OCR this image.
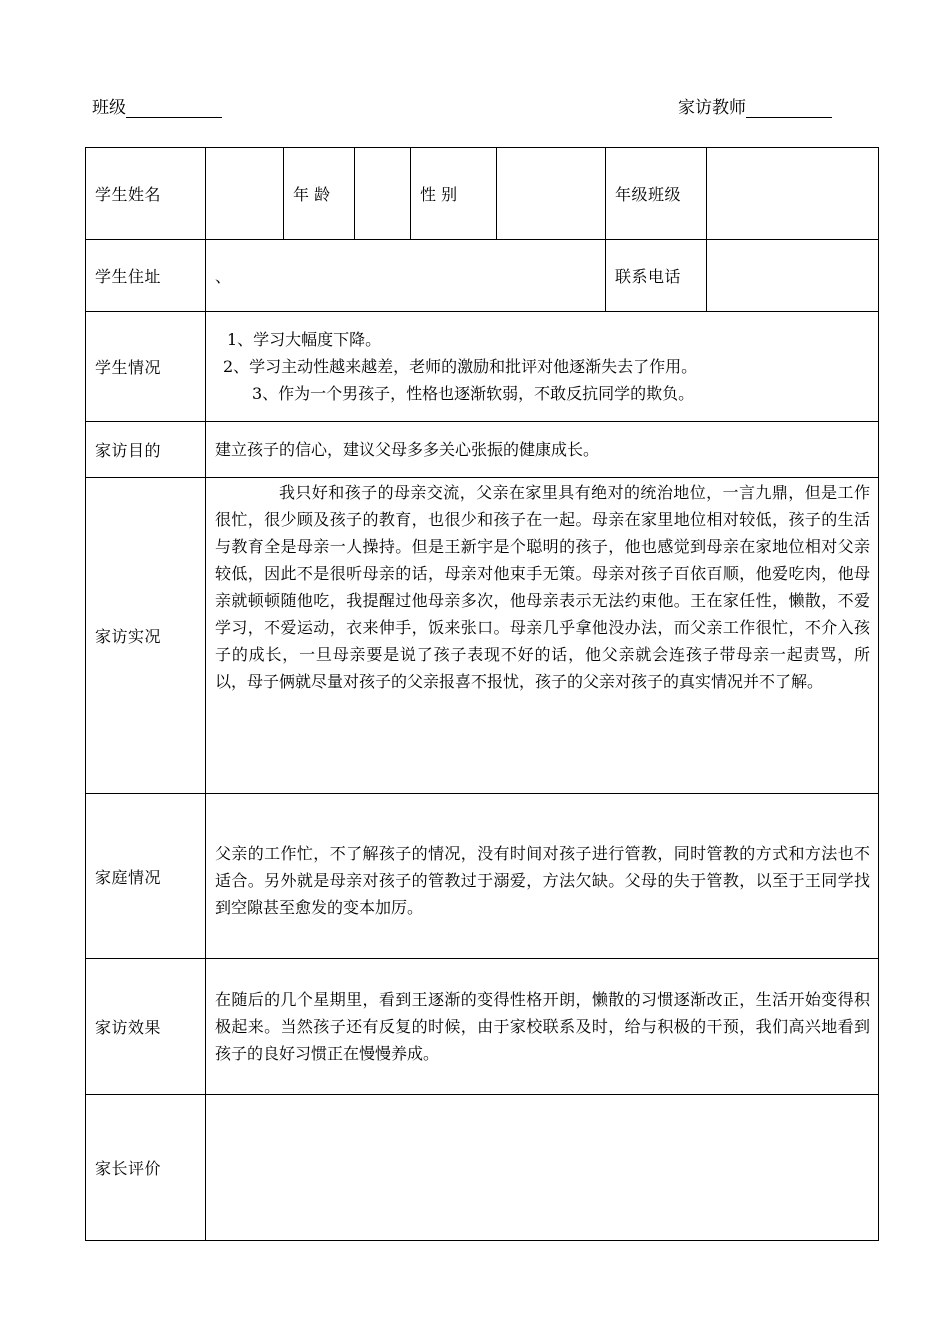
班级	家访教师
学生姓名		年 龄		性 别		年级班级	
学生住址	、					联系电话	
学生情况	1、学习大幅度下降。
2、学习主动性越来越差，老师的激励和批评对他逐渐失去了作用。
3、作为一个男孩子，性格也逐渐软弱，不敢反抗同学的欺负。						

家访目的	建立孩子的信心，建议父母多多关心张振的健康成长。						
家访实况	我只好和孩子的母亲交流，父亲在家里具有绝对的统治地位，一言九鼎，但是工作很忙，很少顾及孩子的教育，也很少和孩子在一起。母亲在家里地位相对较低，孩子的生活与教育全是母亲一人操持。但是王新宇是个聪明的孩子，他也感觉到母亲在家地位相对父亲较低，因此不是很听母亲的话，母亲对他束手无策。母亲对孩子百依百顺，他爱吃肉，他母亲就顿顿随他吃，我提醒过他母亲多次，他母亲表示无法约束他。王在家任性，懒散，不爱学习，不爱运动，衣来伸手，饭来张口。母亲几乎拿他没办法，而父亲工作很忙，不介入孩子的成长，一旦母亲要是说了孩子表现不好的话，他父亲就会连孩子带母亲一起责骂，所以，母子俩就尽量对孩子的父亲报喜不报忧，孩子的父亲对孩子的真实情况并不了解。						

家庭情况	父亲的工作忙，不了解孩子的情况，没有时间对孩子进行管教，同时管教的方式和方法也不适合。另外就是母亲对孩子的管教过于溺爱，方法欠缺。父母的失于管教，以至于王同学找到空隙甚至愈发的变本加厉。						
家访效果	在随后的几个星期里，看到王逐渐的变得性格开朗，懒散的习惯逐渐改正，生活开始变得积极起来。当然孩子还有反复的时候，由于家校联系及时，给与积极的干预，我们高兴地看到孩子的良好习惯正在慢慢养成。						
家长评价							
